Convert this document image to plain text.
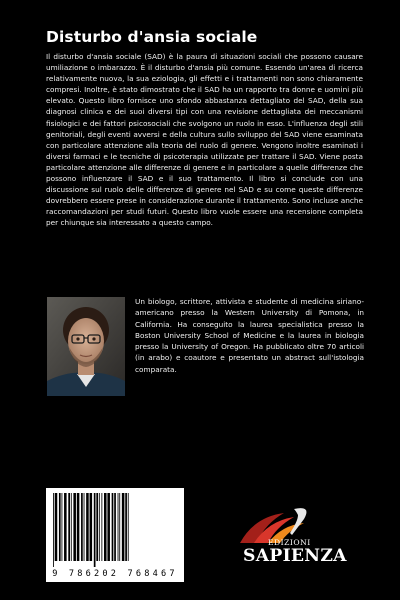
Disturbo d'ansia sociale
Il disturbo d'ansia sociale (SAD) è la paura di situazioni sociali che possono causare umiliazione o imbarazzo. È il disturbo d'ansia più comune. Essendo un'area di ricerca relativamente nuova, la sua eziologia, gli effetti e i trattamenti non sono chiaramente compresi. Inoltre, è stato dimostrato che il SAD ha un rapporto tra donne e uomini più elevato. Questo libro fornisce uno sfondo abbastanza dettagliato del SAD, della sua diagnosi clinica e dei suoi diversi tipi con una revisione dettagliata dei meccanismi fisiologici e dei fattori psicosociali che svolgono un ruolo in esso. L'influenza degli stili genitoriali, degli eventi avversi e della cultura sullo sviluppo del SAD viene esaminata con particolare attenzione alla teoria del ruolo di genere. Vengono inoltre esaminati i diversi farmaci e le tecniche di psicoterapia utilizzate per trattare il SAD. Viene posta particolare attenzione alle differenze di genere e in particolare a quelle differenze che possono influenzare il SAD e il suo trattamento. Il libro si conclude con una discussione sul ruolo delle differenze di genere nel SAD e su come queste differenze dovrebbero essere prese in considerazione durante il trattamento. Sono incluse anche raccomandazioni per studi futuri. Questo libro vuole essere una recensione completa per chiunque sia interessato a questo campo.
Un biologo, scrittore, attivista e studente di medicina siriano-americano presso la Western University di Pomona, in California. Ha conseguito la laurea specialistica presso la Boston University School of Medicine e la laurea in biologia presso la University of Oregon. Ha pubblicato oltre 70 articoli (in arabo) e coautore e presentato un abstract sull'istologia comparata.
9 786202 768467
EDIZIONI
SAPIENZA
